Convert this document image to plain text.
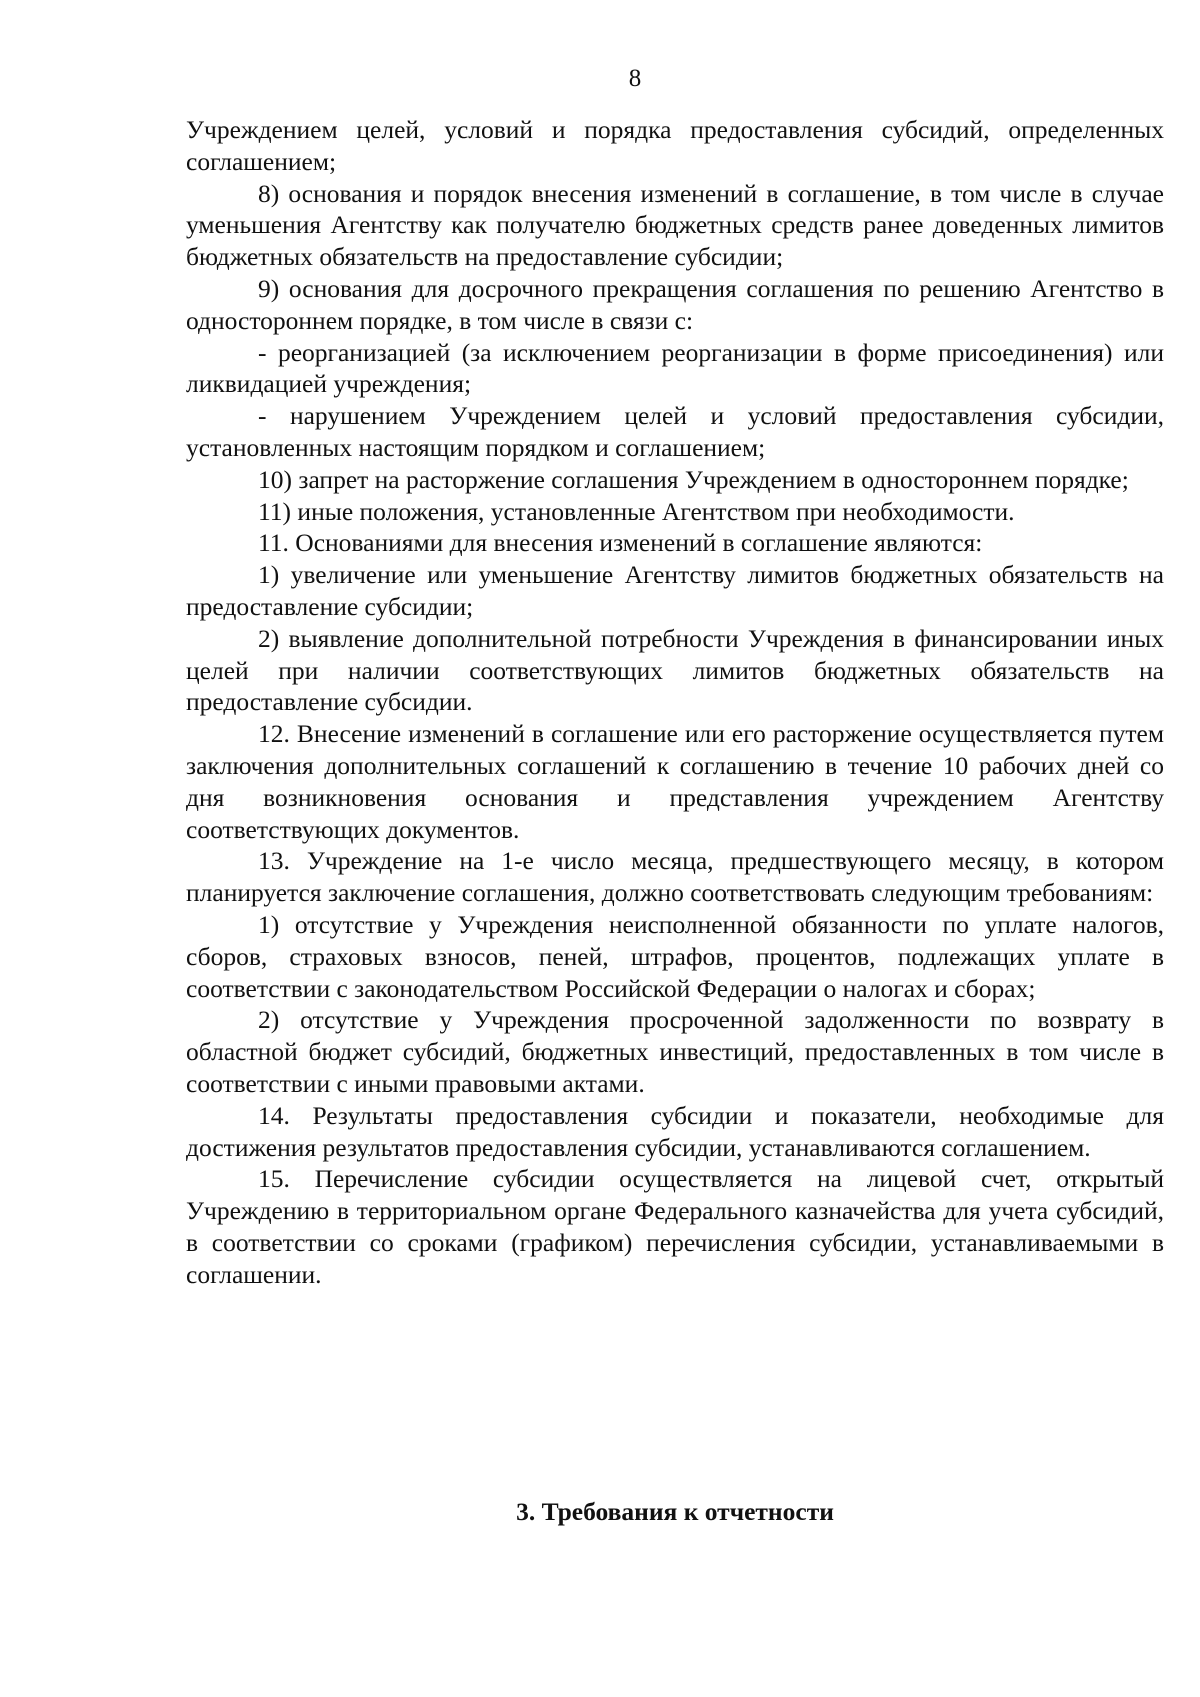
8

Учреждением целей, условий и порядка предоставления субсидий, определенных соглашением;

8) основания и порядок внесения изменений в соглашение, в том числе в случае уменьшения Агентству как получателю бюджетных средств ранее доведенных лимитов бюджетных обязательств на предоставление субсидии;

9) основания для досрочного прекращения соглашения по решению Агентство в одностороннем порядке, в том числе в связи с:

- реорганизацией (за исключением реорганизации в форме присоединения) или ликвидацией учреждения;

- нарушением Учреждением целей и условий предоставления субсидии, установленных настоящим порядком и соглашением;

10) запрет на расторжение соглашения Учреждением в одностороннем порядке;

11) иные положения, установленные Агентством при необходимости.

11. Основаниями для внесения изменений в соглашение являются:

1) увеличение или уменьшение Агентству лимитов бюджетных обязательств на предоставление субсидии;

2) выявление дополнительной потребности Учреждения в финансировании иных целей при наличии соответствующих лимитов бюджетных обязательств на предоставление субсидии.

12. Внесение изменений в соглашение или его расторжение осуществляется путем заключения дополнительных соглашений к соглашению в течение 10 рабочих дней со дня возникновения основания и представления учреждением Агентству соответствующих документов.

13. Учреждение на 1-е число месяца, предшествующего месяцу, в котором планируется заключение соглашения, должно соответствовать следующим требованиям:

1) отсутствие у Учреждения неисполненной обязанности по уплате налогов, сборов, страховых взносов, пеней, штрафов, процентов, подлежащих уплате в соответствии с законодательством Российской Федерации о налогах и сборах;

2) отсутствие у Учреждения просроченной задолженности по возврату в областной бюджет субсидий, бюджетных инвестиций, предоставленных в том числе в соответствии с иными правовыми актами.

14. Результаты предоставления субсидии и показатели, необходимые для достижения результатов предоставления субсидии, устанавливаются соглашением.

15. Перечисление субсидии осуществляется на лицевой счет, открытый Учреждению в территориальном органе Федерального казначейства для учета субсидий, в соответствии со сроками (графиком) перечисления субсидии, устанавливаемыми в соглашении.

3. Требования к отчетности
